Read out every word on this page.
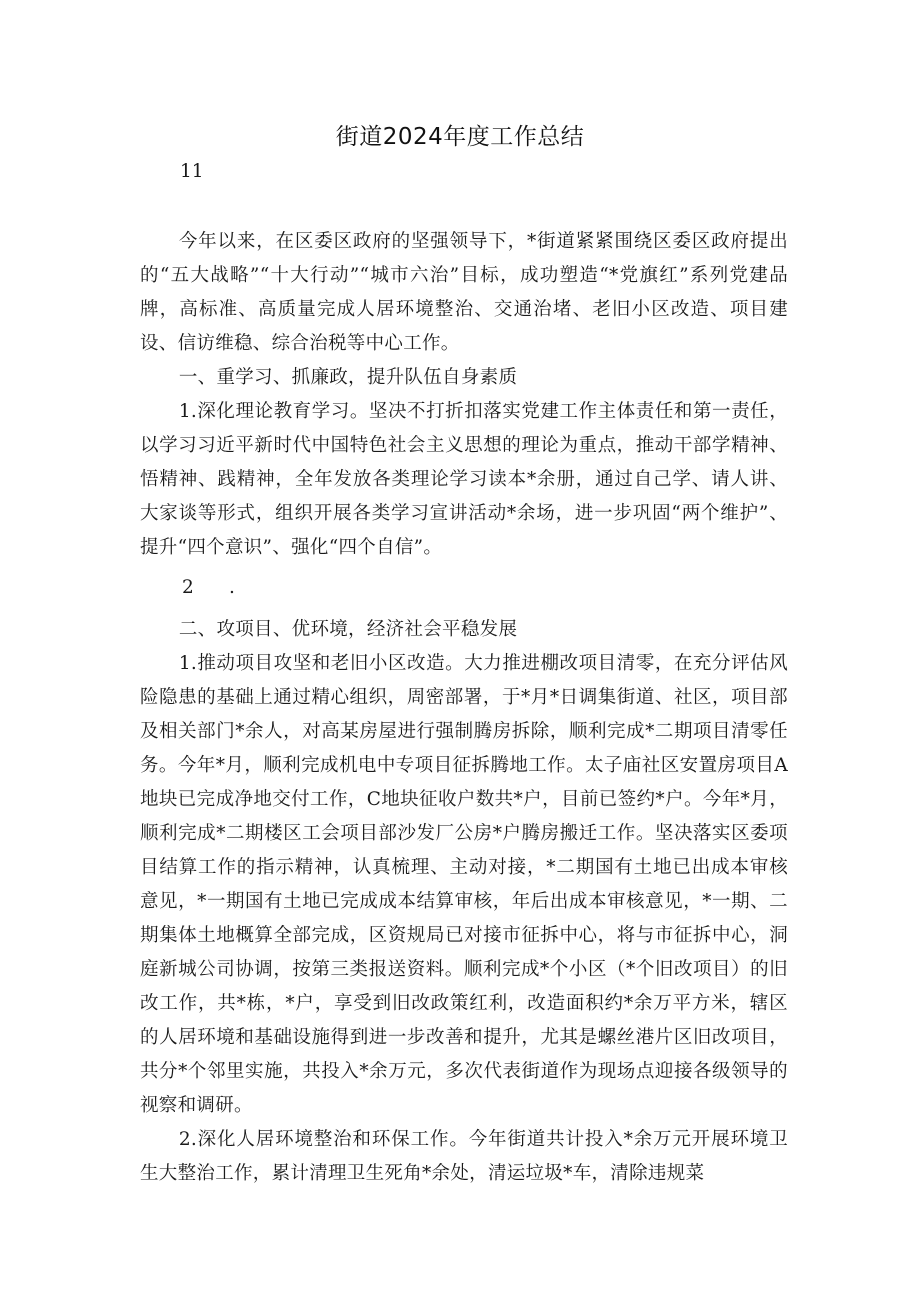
街道2024年度工作总结
11

今年以来，在区委区政府的坚强领导下，*街道紧紧围绕区委区政府提出的“五大战略”“十大行动”“城市六治”目标，成功塑造“*党旗红”系列党建品牌，高标准、高质量完成人居环境整治、交通治堵、老旧小区改造、项目建设、信访维稳、综合治税等中心工作。

一、重学习、抓廉政，提升队伍自身素质

1.深化理论教育学习。坚决不打折扣落实党建工作主体责任和第一责任，以学习习近平新时代中国特色社会主义思想的理论为重点，推动干部学精神、悟精神、践精神，全年发放各类理论学习读本*余册，通过自己学、请人讲、大家谈等形式，组织开展各类学习宣讲活动*余场，进一步巩固“两个维护”、提升“四个意识”、强化“四个自信”。

2      .

二、攻项目、优环境，经济社会平稳发展

1.推动项目攻坚和老旧小区改造。大力推进棚改项目清零，在充分评估风险隐患的基础上通过精心组织，周密部署，于*月*日调集街道、社区，项目部及相关部门*余人，对高某房屋进行强制腾房拆除，顺利完成*二期项目清零任务。今年*月，顺利完成机电中专项目征拆腾地工作。太子庙社区安置房项目A地块已完成净地交付工作，C地块征收户数共*户，目前已签约*户。今年*月，顺利完成*二期楼区工会项目部沙发厂公房*户腾房搬迁工作。坚决落实区委项目结算工作的指示精神，认真梳理、主动对接，*二期国有土地已出成本审核意见，*一期国有土地已完成成本结算审核，年后出成本审核意见，*一期、二期集体土地概算全部完成，区资规局已对接市征拆中心，将与市征拆中心，洞庭新城公司协调，按第三类报送资料。顺利完成*个小区（*个旧改项目）的旧改工作，共*栋，*户，享受到旧改政策红利，改造面积约*余万平方米，辖区的人居环境和基础设施得到进一步改善和提升，尤其是螺丝港片区旧改项目，共分*个邻里实施，共投入*余万元，多次代表街道作为现场点迎接各级领导的视察和调研。

2.深化人居环境整治和环保工作。今年街道共计投入*余万元开展环境卫生大整治工作，累计清理卫生死角*余处，清运垃圾*车，清除违规菜
